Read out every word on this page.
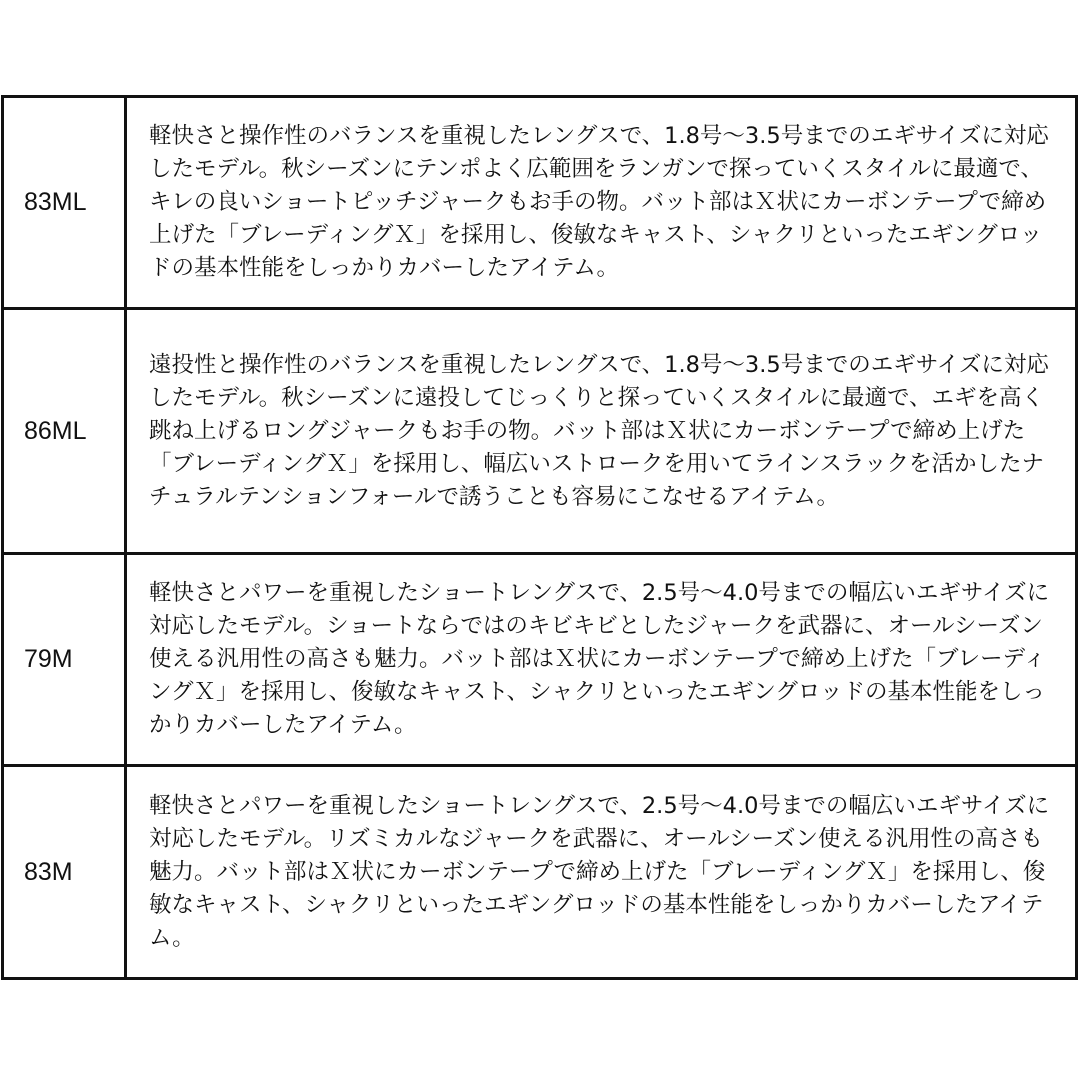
83ML	軽快さと操作性のバランスを重視したレングスで、1.8号〜3.5号までのエギサイズに対応したモデル。秋シーズンにテンポよく広範囲をランガンで探っていくスタイルに最適で、キレの良いショートピッチジャークもお手の物。バット部はＸ状にカーボンテープで締め上げた「ブレーディングＸ」を採用し、俊敏なキャスト、シャクリといったエギングロッドの基本性能をしっかりカバーしたアイテム。

86ML	遠投性と操作性のバランスを重視したレングスで、1.8号〜3.5号までのエギサイズに対応したモデル。秋シーズンに遠投してじっくりと探っていくスタイルに最適で、エギを高く跳ね上げるロングジャークもお手の物。バット部はＸ状にカーボンテープで締め上げた「ブレーディングＸ」を採用し、幅広いストロークを用いてラインスラックを活かしたナチュラルテンションフォールで誘うことも容易にこなせるアイテム。

79M	軽快さとパワーを重視したショートレングスで、2.5号〜4.0号までの幅広いエギサイズに対応したモデル。ショートならではのキビキビとしたジャークを武器に、オールシーズン使える汎用性の高さも魅力。バット部はＸ状にカーボンテープで締め上げた「ブレーディングＸ」を採用し、俊敏なキャスト、シャクリといったエギングロッドの基本性能をしっかりカバーしたアイテム。

83M	軽快さとパワーを重視したショートレングスで、2.5号〜4.0号までの幅広いエギサイズに対応したモデル。リズミカルなジャークを武器に、オールシーズン使える汎用性の高さも魅力。バット部はＸ状にカーボンテープで締め上げた「ブレーディングＸ」を採用し、俊敏なキャスト、シャクリといったエギングロッドの基本性能をしっかりカバーしたアイテム。
